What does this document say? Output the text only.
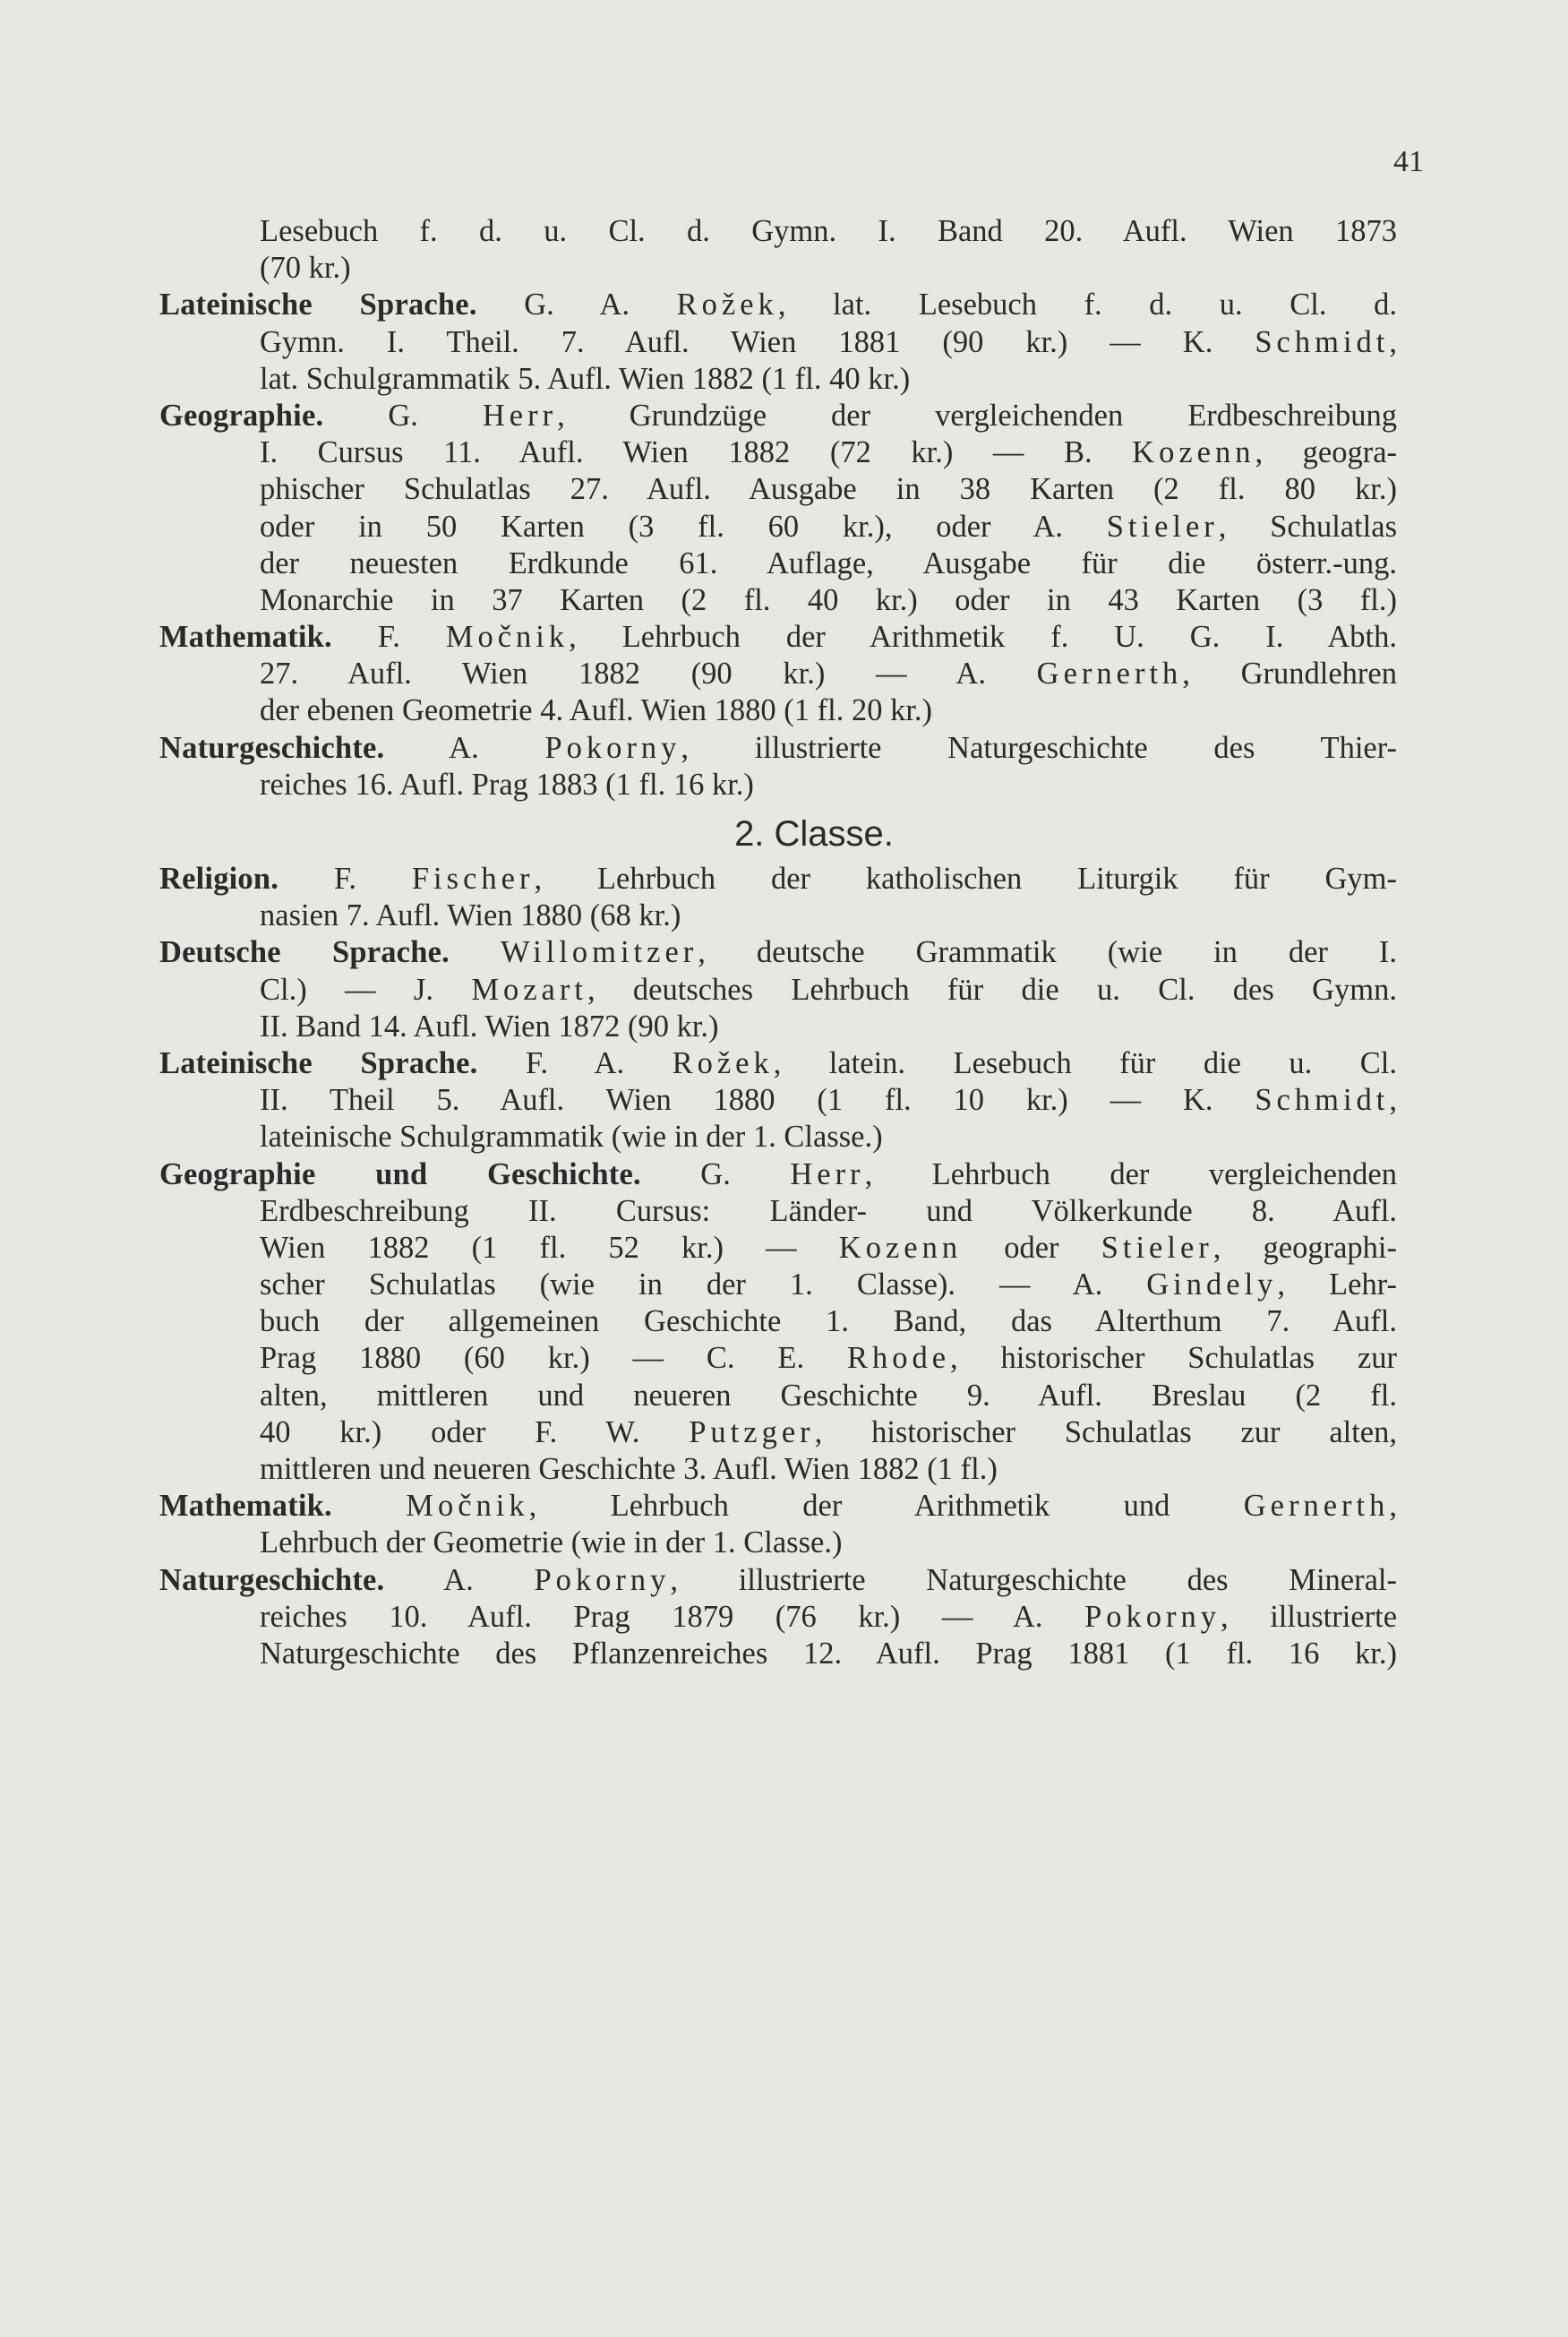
41
Lesebuch f. d. u. Cl. d. Gymn. I. Band 20. Aufl. Wien 1873
(70 kr.)
Lateinische Sprache. G. A. Rožek, lat. Lesebuch f. d. u. Cl. d.
Gymn. I. Theil. 7. Aufl. Wien 1881 (90 kr.) — K. Schmidt,
lat. Schulgrammatik 5. Aufl. Wien 1882 (1 fl. 40 kr.)
Geographie. G. Herr, Grundzüge der vergleichenden Erdbeschreibung
I. Cursus 11. Aufl. Wien 1882 (72 kr.) — B. Kozenn, geogra-
phischer Schulatlas 27. Aufl. Ausgabe in 38 Karten (2 fl. 80 kr.)
oder in 50 Karten (3 fl. 60 kr.), oder A. Stieler, Schulatlas
der neuesten Erdkunde 61. Auflage, Ausgabe für die österr.-ung.
Monarchie in 37 Karten (2 fl. 40 kr.) oder in 43 Karten (3 fl.)
Mathematik. F. Močnik, Lehrbuch der Arithmetik f. U. G. I. Abth.
27. Aufl. Wien 1882 (90 kr.) — A. Gernerth, Grundlehren
der ebenen Geometrie 4. Aufl. Wien 1880 (1 fl. 20 kr.)
Naturgeschichte. A. Pokorny, illustrierte Naturgeschichte des Thier-
reiches 16. Aufl. Prag 1883 (1 fl. 16 kr.)
2. Classe.
Religion. F. Fischer, Lehrbuch der katholischen Liturgik für Gym-
nasien 7. Aufl. Wien 1880 (68 kr.)
Deutsche Sprache. Willomitzer, deutsche Grammatik (wie in der I.
Cl.) — J. Mozart, deutsches Lehrbuch für die u. Cl. des Gymn.
II. Band 14. Aufl. Wien 1872 (90 kr.)
Lateinische Sprache. F. A. Rožek, latein. Lesebuch für die u. Cl.
II. Theil 5. Aufl. Wien 1880 (1 fl. 10 kr.) — K. Schmidt,
lateinische Schulgrammatik (wie in der 1. Classe.)
Geographie und Geschichte. G. Herr, Lehrbuch der vergleichenden
Erdbeschreibung II. Cursus: Länder- und Völkerkunde 8. Aufl.
Wien 1882 (1 fl. 52 kr.) — Kozenn oder Stieler, geographi-
scher Schulatlas (wie in der 1. Classe). — A. Gindely, Lehr-
buch der allgemeinen Geschichte 1. Band, das Alterthum 7. Aufl.
Prag 1880 (60 kr.) — C. E. Rhode, historischer Schulatlas zur
alten, mittleren und neueren Geschichte 9. Aufl. Breslau (2 fl.
40 kr.) oder F. W. Putzger, historischer Schulatlas zur alten,
mittleren und neueren Geschichte 3. Aufl. Wien 1882 (1 fl.)
Mathematik. Močnik, Lehrbuch der Arithmetik und Gernerth,
Lehrbuch der Geometrie (wie in der 1. Classe.)
Naturgeschichte. A. Pokorny, illustrierte Naturgeschichte des Mineral-
reiches 10. Aufl. Prag 1879 (76 kr.) — A. Pokorny, illustrierte
Naturgeschichte des Pflanzenreiches 12. Aufl. Prag 1881 (1 fl. 16 kr.)
